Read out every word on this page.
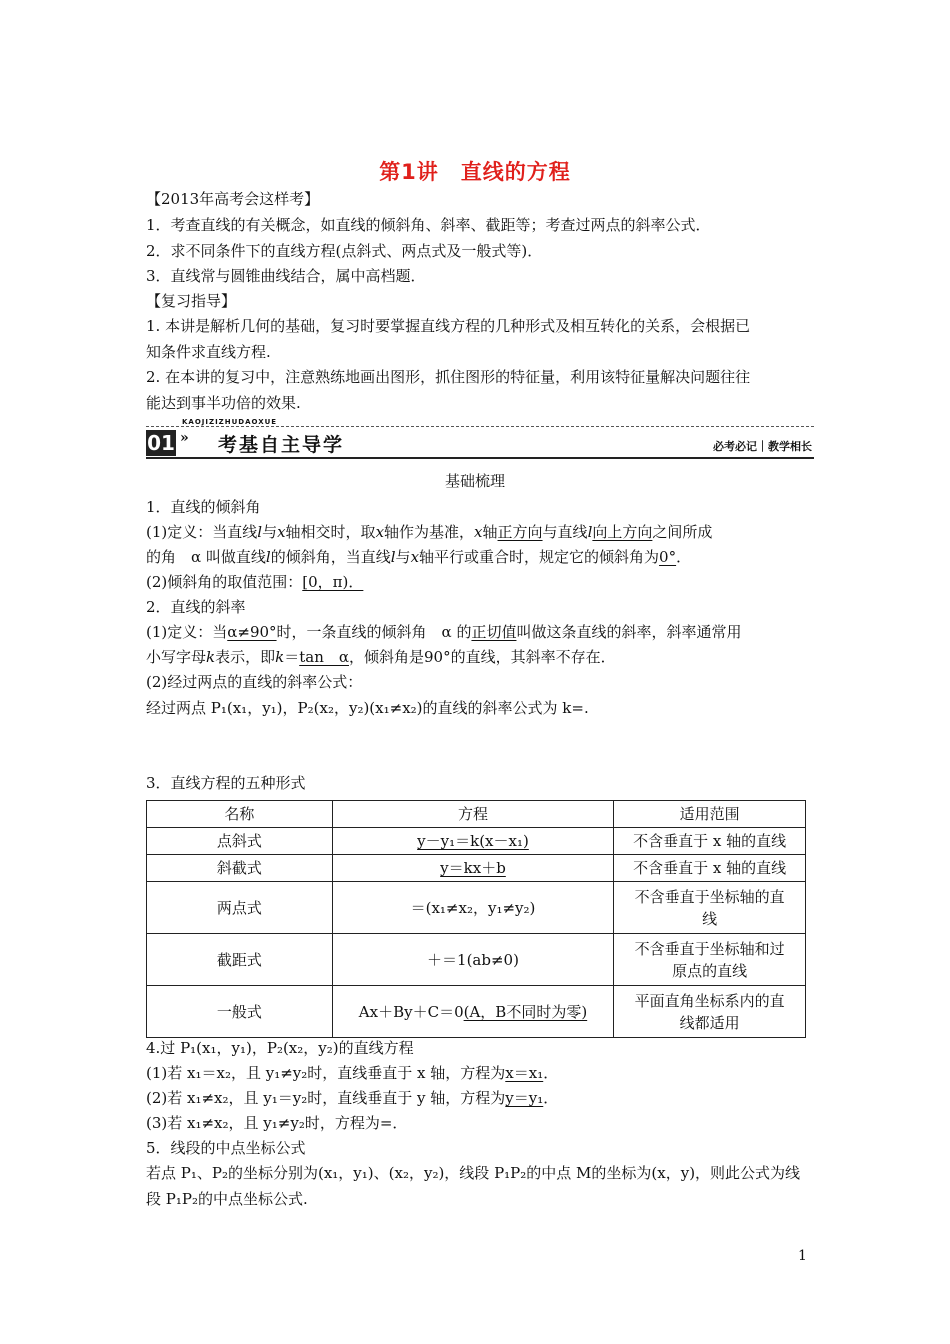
第1讲　直线的方程
【2013年高考会这样考】
1．考查直线的有关概念，如直线的倾斜角、斜率、截距等；考查过两点的斜率公式．
2．求不同条件下的直线方程(点斜式、两点式及一般式等)．
3．直线常与圆锥曲线结合，属中高档题．
【复习指导】
1. 本讲是解析几何的基础，复习时要掌握直线方程的几种形式及相互转化的关系，会根据已
知条件求直线方程.
2. 在本讲的复习中，注意熟练地画出图形，抓住图形的特征量，利用该特征量解决问题往往
能达到事半功倍的效果.
KAOJIZIZHUDAOXUE
01 » 考基自主导学	必考必记｜教学相长
基础梳理
1．直线的倾斜角
(1)定义：当直线l与x轴相交时，取x轴作为基准，x轴正方向与直线l向上方向之间所成
的角　α 叫做直线l的倾斜角，当直线l与x轴平行或重合时，规定它的倾斜角为0°．
(2)倾斜角的取值范围：[0，π)．
2．直线的斜率
(1)定义：当α≠90°时，一条直线的倾斜角　α 的正切值叫做这条直线的斜率，斜率通常用
小写字母k表示，即k＝tan　α，倾斜角是90°的直线，其斜率不存在．
(2)经过两点的直线的斜率公式：
经过两点 P₁(x₁，y₁)，P₂(x₂，y₂)(x₁≠x₂)的直线的斜率公式为 k=.
3．直线方程的五种形式
名称	方程	适用范围
点斜式	y－y₁＝k(x－x₁)	不含垂直于 x 轴的直线
斜截式	y＝kx＋b	不含垂直于 x 轴的直线
两点式	＝(x₁≠x₂，y₁≠y₂)	不含垂直于坐标轴的直
线

截距式	＋＝1(ab≠0)	不含垂直于坐标轴和过
原点的直线

一般式	Ax＋By＋C＝0(A，B不同时为零)	平面直角坐标系内的直
线都适用
4.过 P₁(x₁，y₁)，P₂(x₂，y₂)的直线方程
(1)若 x₁＝x₂，且 y₁≠y₂时，直线垂直于 x 轴，方程为x＝x₁．
(2)若 x₁≠x₂，且 y₁＝y₂时，直线垂直于 y 轴，方程为y＝y₁．
(3)若 x₁≠x₂，且 y₁≠y₂时，方程为=．
5．线段的中点坐标公式
若点 P₁、P₂的坐标分别为(x₁，y₁)、(x₂，y₂)，线段 P₁P₂的中点 M的坐标为(x，y)，则此公式为线
段 P₁P₂的中点坐标公式.
1
